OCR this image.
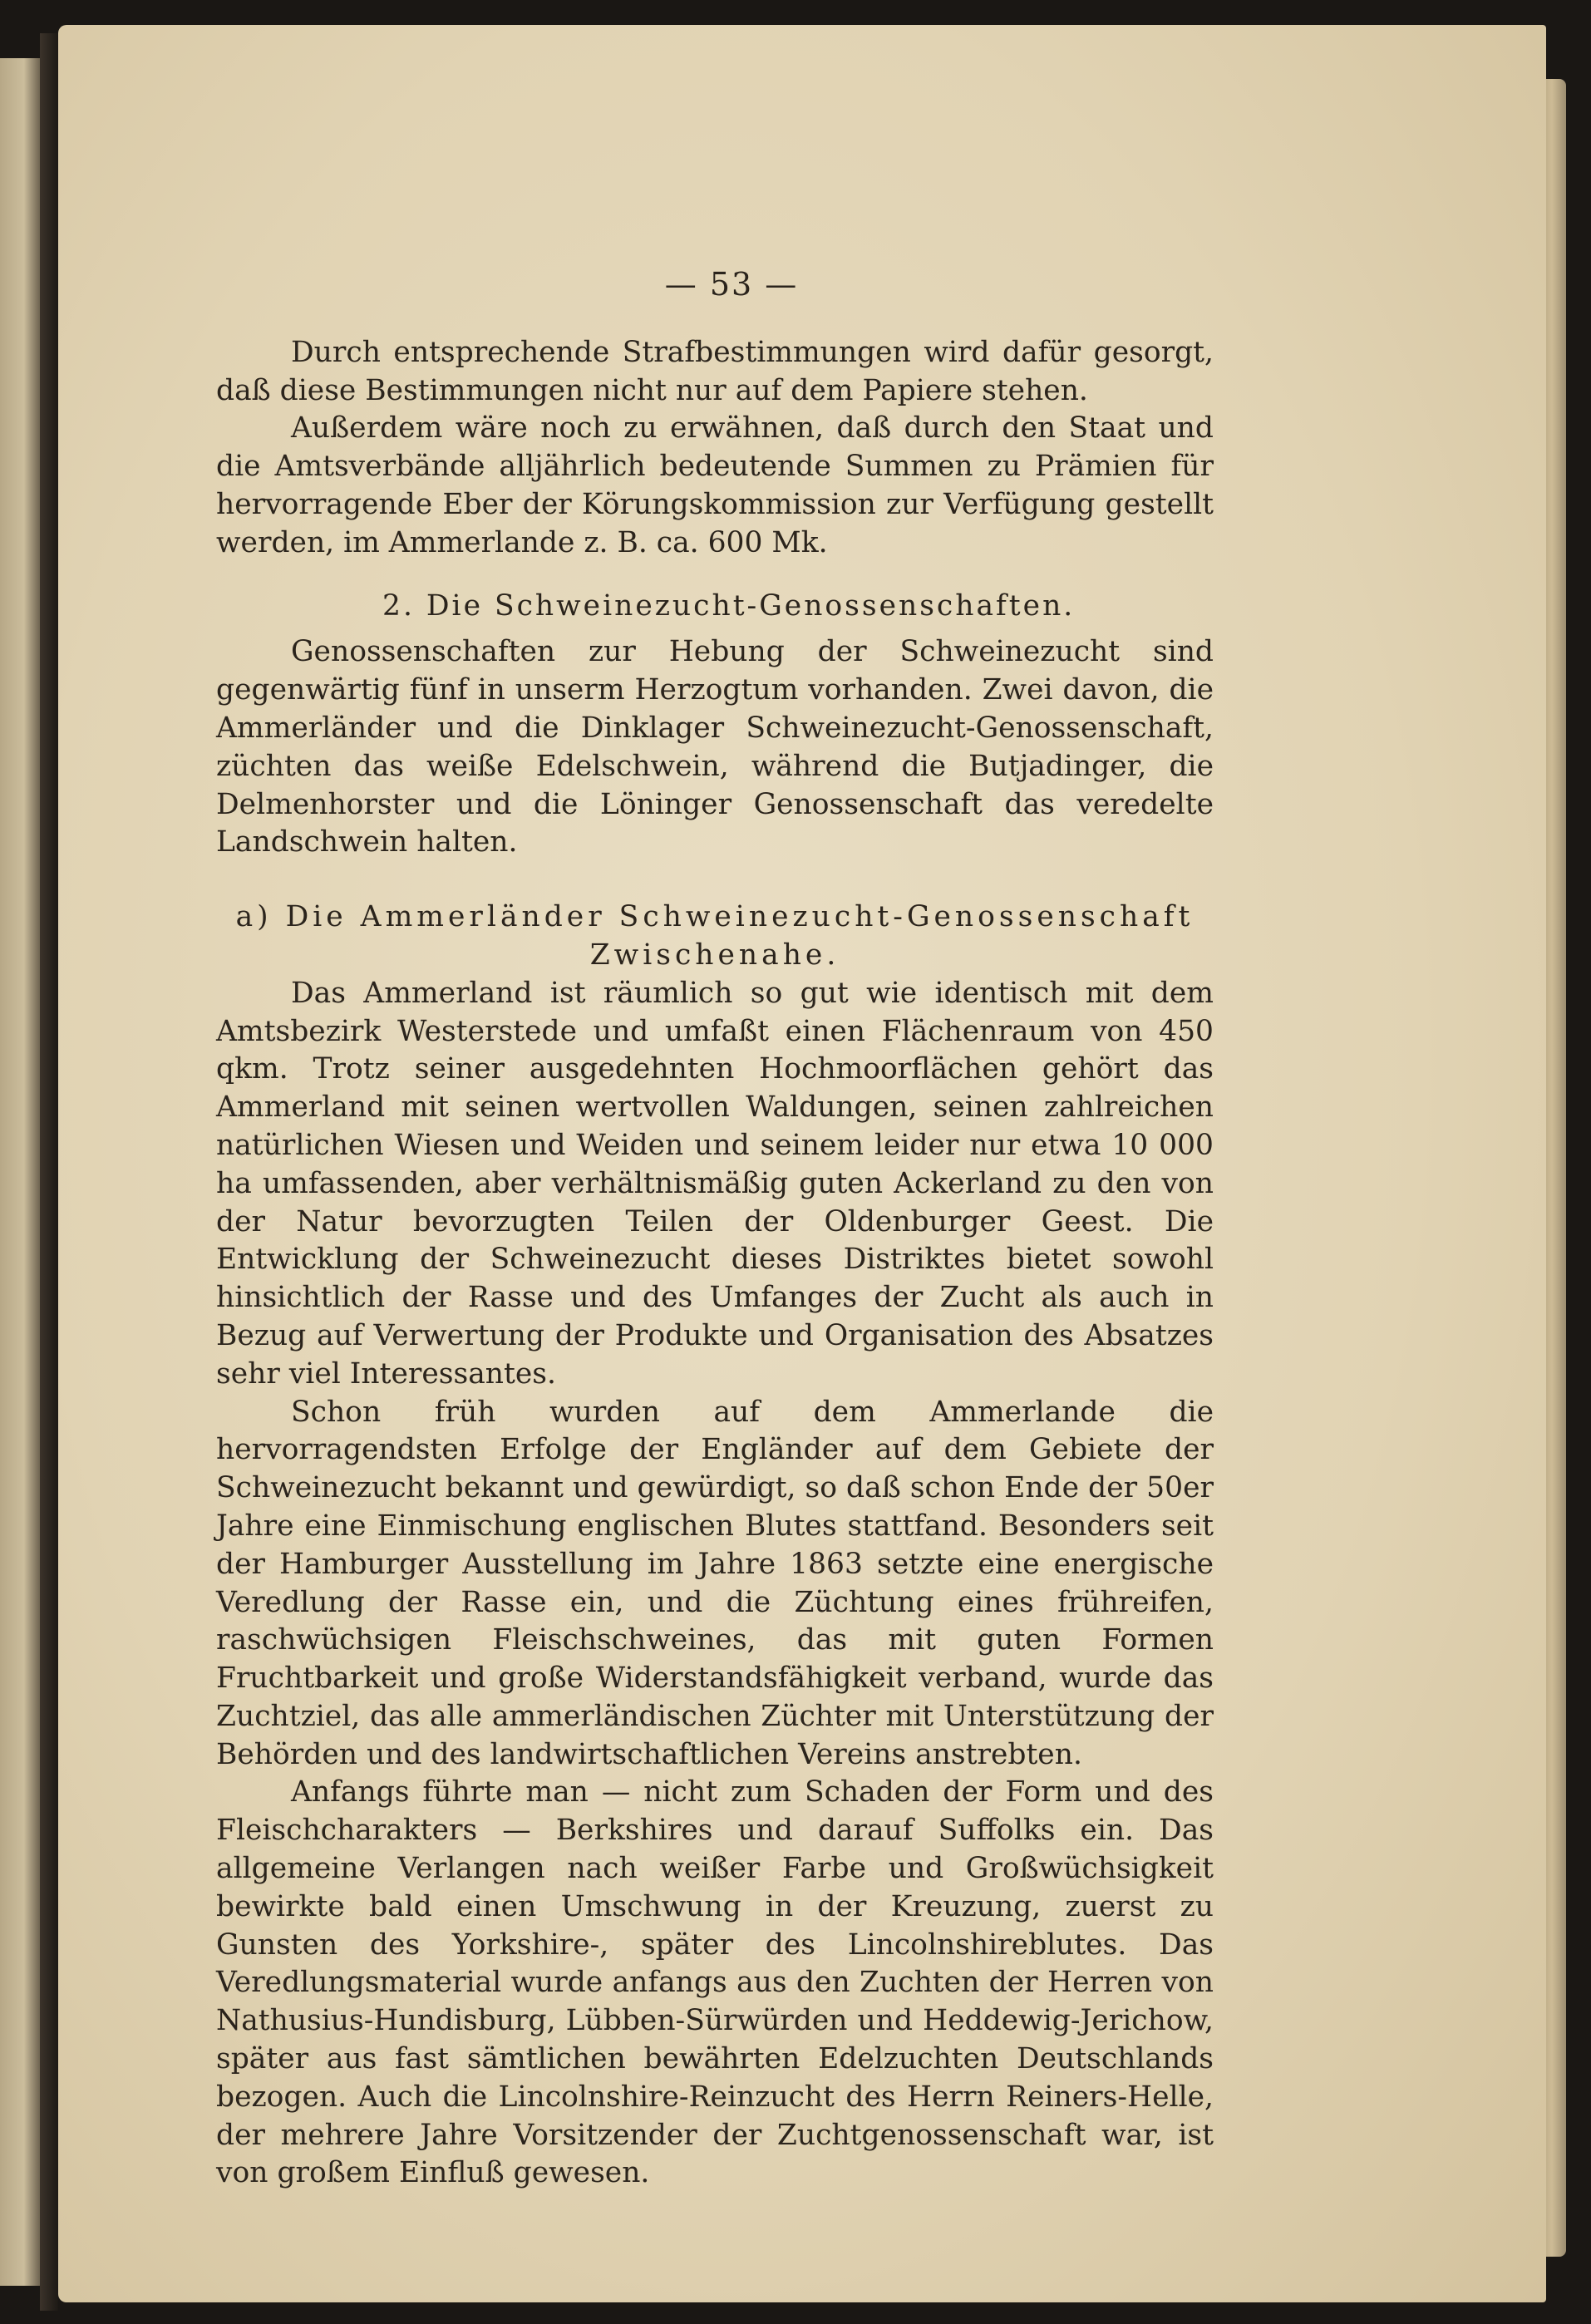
— 53 —

Durch entsprechende Strafbestimmungen wird dafür gesorgt, daß diese Bestimmungen nicht nur auf dem Papiere stehen.

Außerdem wäre noch zu erwähnen, daß durch den Staat und die Amtsverbände alljährlich bedeutende Summen zu Prämien für hervorragende Eber der Körungskommission zur Verfügung gestellt werden, im Ammerlande z. B. ca. 600 Mk.

2. Die Schweinezucht-Genossenschaften.

Genossenschaften zur Hebung der Schweinezucht sind gegenwärtig fünf in unserm Herzogtum vorhanden. Zwei davon, die Ammerländer und die Dinklager Schweinezucht-Genossenschaft, züchten das weiße Edelschwein, während die Butjadinger, die Delmenhorster und die Löninger Genossenschaft das veredelte Landschwein halten.

a) Die Ammerländer Schweinezucht-Genossenschaft
Zwischenahe.

Das Ammerland ist räumlich so gut wie identisch mit dem Amtsbezirk Westerstede und umfaßt einen Flächenraum von 450 qkm. Trotz seiner ausgedehnten Hochmoorflächen gehört das Ammerland mit seinen wertvollen Waldungen, seinen zahlreichen natürlichen Wiesen und Weiden und seinem leider nur etwa 10 000 ha umfassenden, aber verhältnismäßig guten Ackerland zu den von der Natur bevorzugten Teilen der Oldenburger Geest. Die Entwicklung der Schweinezucht dieses Distriktes bietet sowohl hinsichtlich der Rasse und des Umfanges der Zucht als auch in Bezug auf Verwertung der Produkte und Organisation des Absatzes sehr viel Interessantes.

Schon früh wurden auf dem Ammerlande die hervorragendsten Erfolge der Engländer auf dem Gebiete der Schweinezucht bekannt und gewürdigt, so daß schon Ende der 50er Jahre eine Einmischung englischen Blutes stattfand. Besonders seit der Hamburger Ausstellung im Jahre 1863 setzte eine energische Veredlung der Rasse ein, und die Züchtung eines frühreifen, raschwüchsigen Fleischschweines, das mit guten Formen Fruchtbarkeit und große Widerstandsfähigkeit verband, wurde das Zuchtziel, das alle ammerländischen Züchter mit Unterstützung der Behörden und des landwirtschaftlichen Vereins anstrebten.

Anfangs führte man — nicht zum Schaden der Form und des Fleischcharakters — Berkshires und darauf Suffolks ein. Das allgemeine Verlangen nach weißer Farbe und Großwüchsigkeit bewirkte bald einen Umschwung in der Kreuzung, zuerst zu Gunsten des Yorkshire-, später des Lincolnshireblutes. Das Veredlungsmaterial wurde anfangs aus den Zuchten der Herren von Nathusius-Hundisburg, Lübben-Sürwürden und Heddewig-Jerichow, später aus fast sämtlichen bewährten Edelzuchten Deutschlands bezogen. Auch die Lincolnshire-Reinzucht des Herrn Reiners-Helle, der mehrere Jahre Vorsitzender der Zuchtgenossenschaft war, ist von großem Einfluß gewesen.
